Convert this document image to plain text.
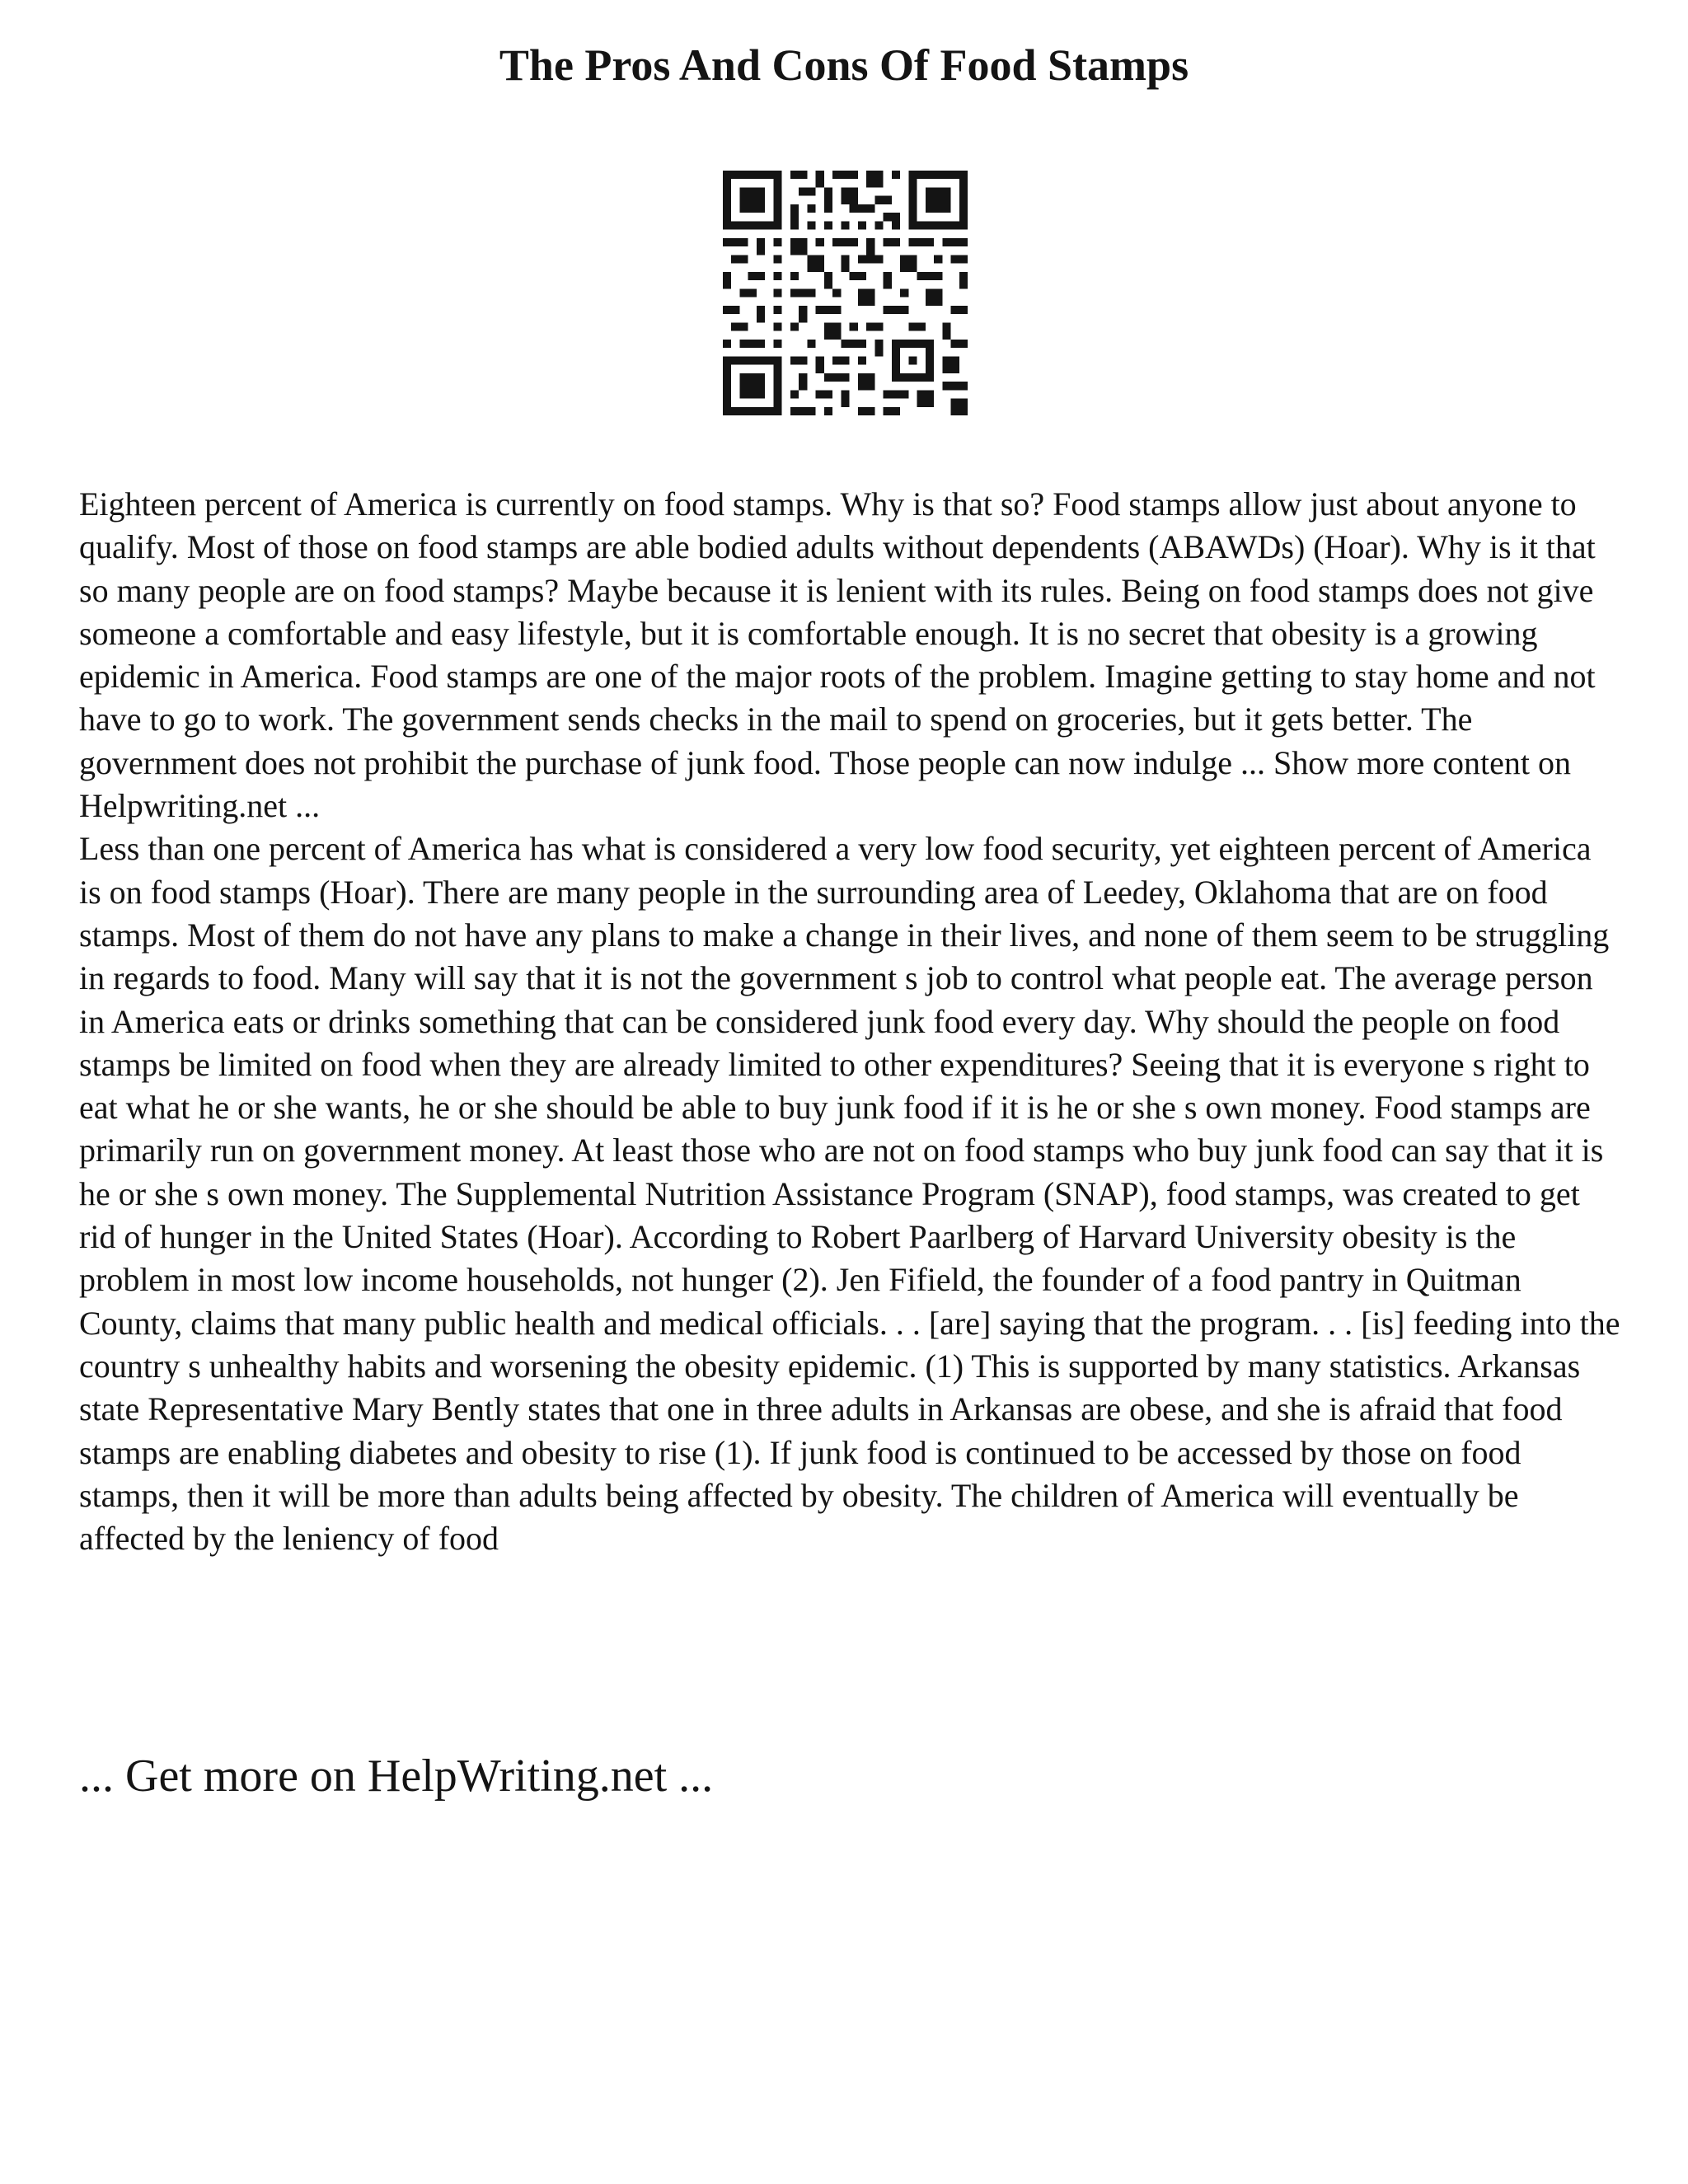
The Pros And Cons Of Food Stamps

Eighteen percent of America is currently on food stamps. Why is that so? Food stamps allow just about anyone to qualify. Most of those on food stamps are able bodied adults without dependents (ABAWDs) (Hoar). Why is it that so many people are on food stamps? Maybe because it is lenient with its rules. Being on food stamps does not give someone a comfortable and easy lifestyle, but it is comfortable enough. It is no secret that obesity is a growing epidemic in America. Food stamps are one of the major roots of the problem. Imagine getting to stay home and not have to go to work. The government sends checks in the mail to spend on groceries, but it gets better. The government does not prohibit the purchase of junk food. Those people can now indulge ... Show more content on Helpwriting.net ...

Less than one percent of America has what is considered a very low food security, yet eighteen percent of America is on food stamps (Hoar). There are many people in the surrounding area of Leedey, Oklahoma that are on food stamps. Most of them do not have any plans to make a change in their lives, and none of them seem to be struggling in regards to food. Many will say that it is not the government s job to control what people eat. The average person in America eats or drinks something that can be considered junk food every day. Why should the people on food stamps be limited on food when they are already limited to other expenditures? Seeing that it is everyone s right to eat what he or she wants, he or she should be able to buy junk food if it is he or she s own money. Food stamps are primarily run on government money. At least those who are not on food stamps who buy junk food can say that it is he or she s own money. The Supplemental Nutrition Assistance Program (SNAP), food stamps, was created to get rid of hunger in the United States (Hoar). According to Robert Paarlberg of Harvard University obesity is the problem in most low income households, not hunger (2). Jen Fifield, the founder of a food pantry in Quitman County, claims that many public health and medical officials. . . [are] saying that the program. . . [is] feeding into the country s unhealthy habits and worsening the obesity epidemic. (1) This is supported by many statistics. Arkansas state Representative Mary Bently states that one in three adults in Arkansas are obese, and she is afraid that food stamps are enabling diabetes and obesity to rise (1). If junk food is continued to be accessed by those on food stamps, then it will be more than adults being affected by obesity. The children of America will eventually be affected by the leniency of food

... Get more on HelpWriting.net ...
